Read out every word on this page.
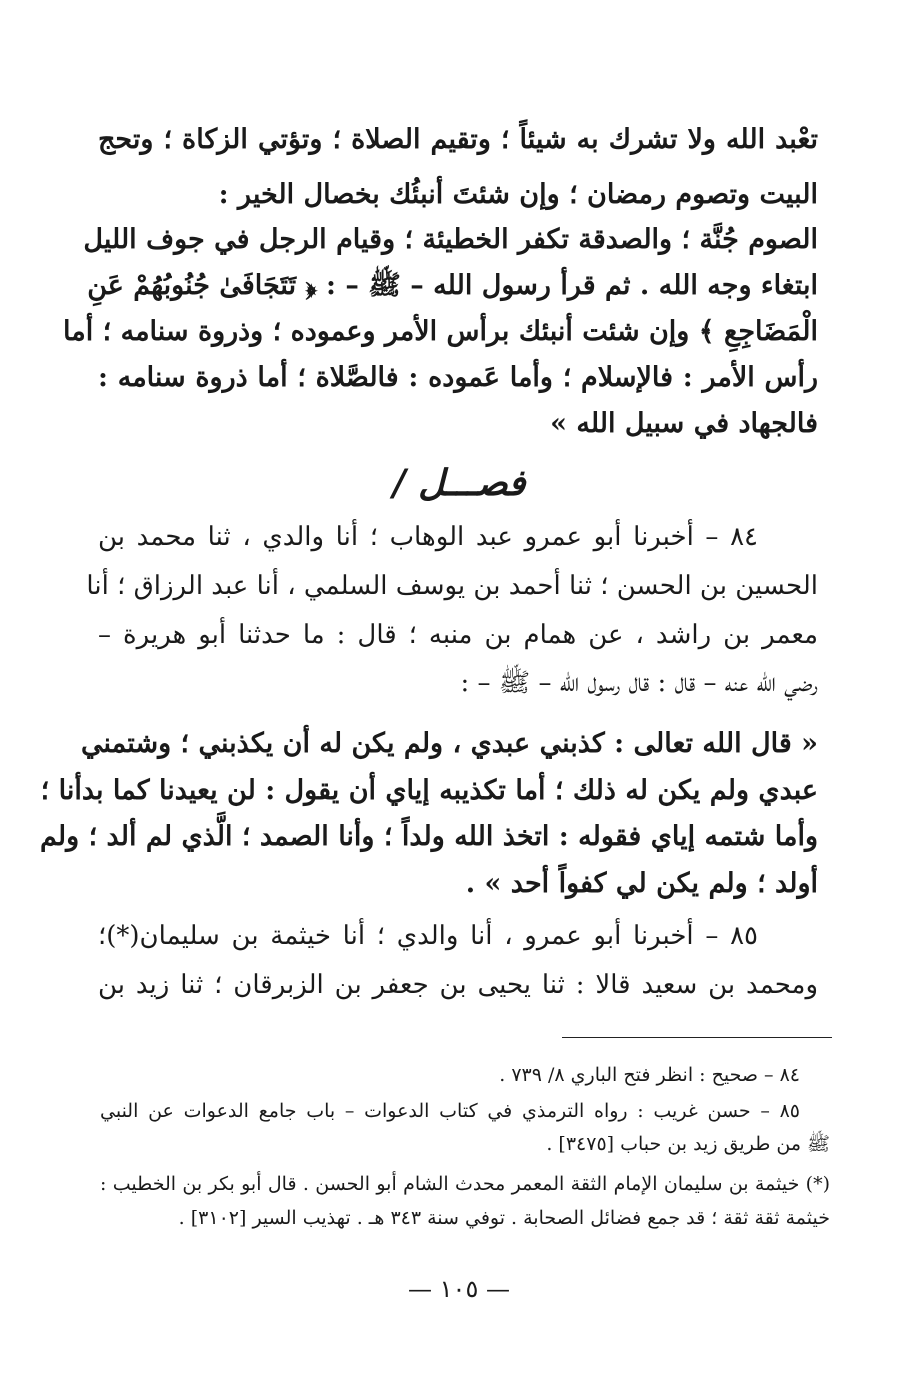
تعْبد الله ولا تشرك به شيئاً ؛ وتقيم الصلاة ؛ وتؤتي الزكاة ؛ وتحج
البيت وتصوم رمضان ؛ وإن شئتَ أنبئُك بخصال الخير :
الصوم جُنَّة ؛ والصدقة تكفر الخطيئة ؛ وقيام الرجل في جوف الليل
ابتغاء وجه الله . ثم قرأ رسول الله – ﷺ – : ﴿ تَتَجَافَىٰ جُنُوبُهُمْ عَنِ
الْمَضَاجِعِ ﴾ وإن شئت أنبئك برأس الأمر وعموده ؛ وذروة سنامه ؛ أما
رأس الأمر : فالإسلام ؛ وأما عَموده : فالصَّلاة ؛ أما ذروة سنامه :
فالجهاد في سبيل الله »
فصـــل /
٨٤ – أخبرنا أبو عمرو عبد الوهاب ؛ أنا والدي ، ثنا محمد بن
الحسين بن الحسن ؛ ثنا أحمد بن يوسف السلمي ، أنا عبد الرزاق ؛ أنا
معمر بن راشد ، عن همام بن منبه ؛ قال : ما حدثنا أبو هريرة –
رضي الله عنه – قال : قال رسول الله – ﷺ – :
« قال الله تعالى : كذبني عبدي ، ولم يكن له أن يكذبني ؛ وشتمني
عبدي ولم يكن له ذلك ؛ أما تكذيبه إياي أن يقول : لن يعيدنا كما بدأنا ؛
وأما شتمه إياي فقوله : اتخذ الله ولداً ؛ وأنا الصمد ؛ الَّذي لم ألد ؛ ولم
أولد ؛ ولم يكن لي كفواً أحد » .
٨٥ – أخبرنا أبو عمرو ، أنا والدي ؛ أنا خيثمة بن سليمان(*)؛
ومحمد بن سعيد قالا : ثنا يحيى بن جعفر بن الزبرقان ؛ ثنا زيد بن
٨٤ – صحيح : انظر فتح الباري ٨/ ٧٣٩ .
٨٥ – حسن غريب : رواه الترمذي في كتاب الدعوات – باب جامع الدعوات عن النبي
ﷺ من طريق زيد بن حباب [٣٤٧٥] .
(*) خيثمة بن سليمان الإمام الثقة المعمر محدث الشام أبو الحسن . قال أبو بكر بن الخطيب :
خيثمة ثقة ثقة ؛ قد جمع فضائل الصحابة . توفي سنة ٣٤٣ هـ . تهذيب السير [٣١٠٢] .
— ١٠٥ —
